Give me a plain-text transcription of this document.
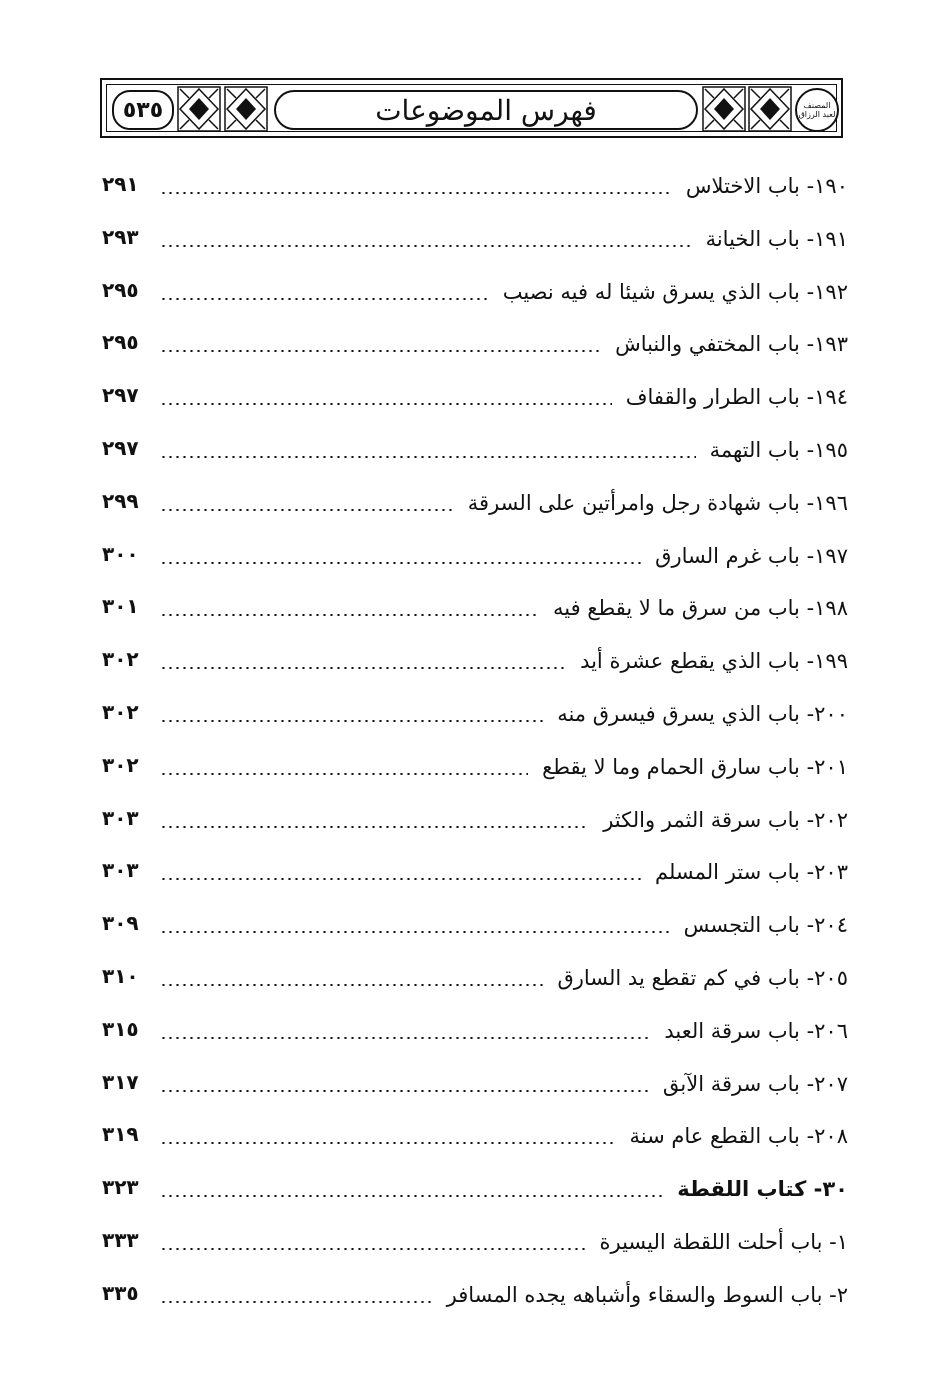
٥٣٥	فهرس الموضوعات	المصنف لعبد الرزاق
٢٩١	١٩٠- باب الاختلاس
٢٩٣	١٩١- باب الخيانة
٢٩٥	١٩٢- باب الذي يسرق شيئا له فيه نصيب
٢٩٥	١٩٣- باب المختفي والنباش
٢٩٧	١٩٤- باب الطرار والقفاف
٢٩٧	١٩٥- باب التهمة
٢٩٩	١٩٦- باب شهادة رجل وامرأتين على السرقة
٣٠٠	١٩٧- باب غرم السارق
٣٠١	١٩٨- باب من سرق ما لا يقطع فيه
٣٠٢	١٩٩- باب الذي يقطع عشرة أيد
٣٠٢	٢٠٠- باب الذي يسرق فيسرق منه
٣٠٢	٢٠١- باب سارق الحمام وما لا يقطع
٣٠٣	٢٠٢- باب سرقة الثمر والكثر
٣٠٣	٢٠٣- باب ستر المسلم
٣٠٩	٢٠٤- باب التجسس
٣١٠	٢٠٥- باب في كم تقطع يد السارق
٣١٥	٢٠٦- باب سرقة العبد
٣١٧	٢٠٧- باب سرقة الآبق
٣١٩	٢٠٨- باب القطع عام سنة
٣٢٣	٣٠- كتاب اللقطة
٣٣٣	١- باب أحلت اللقطة اليسيرة
٣٣٥	٢- باب السوط والسقاء وأشباهه يجده المسافر
